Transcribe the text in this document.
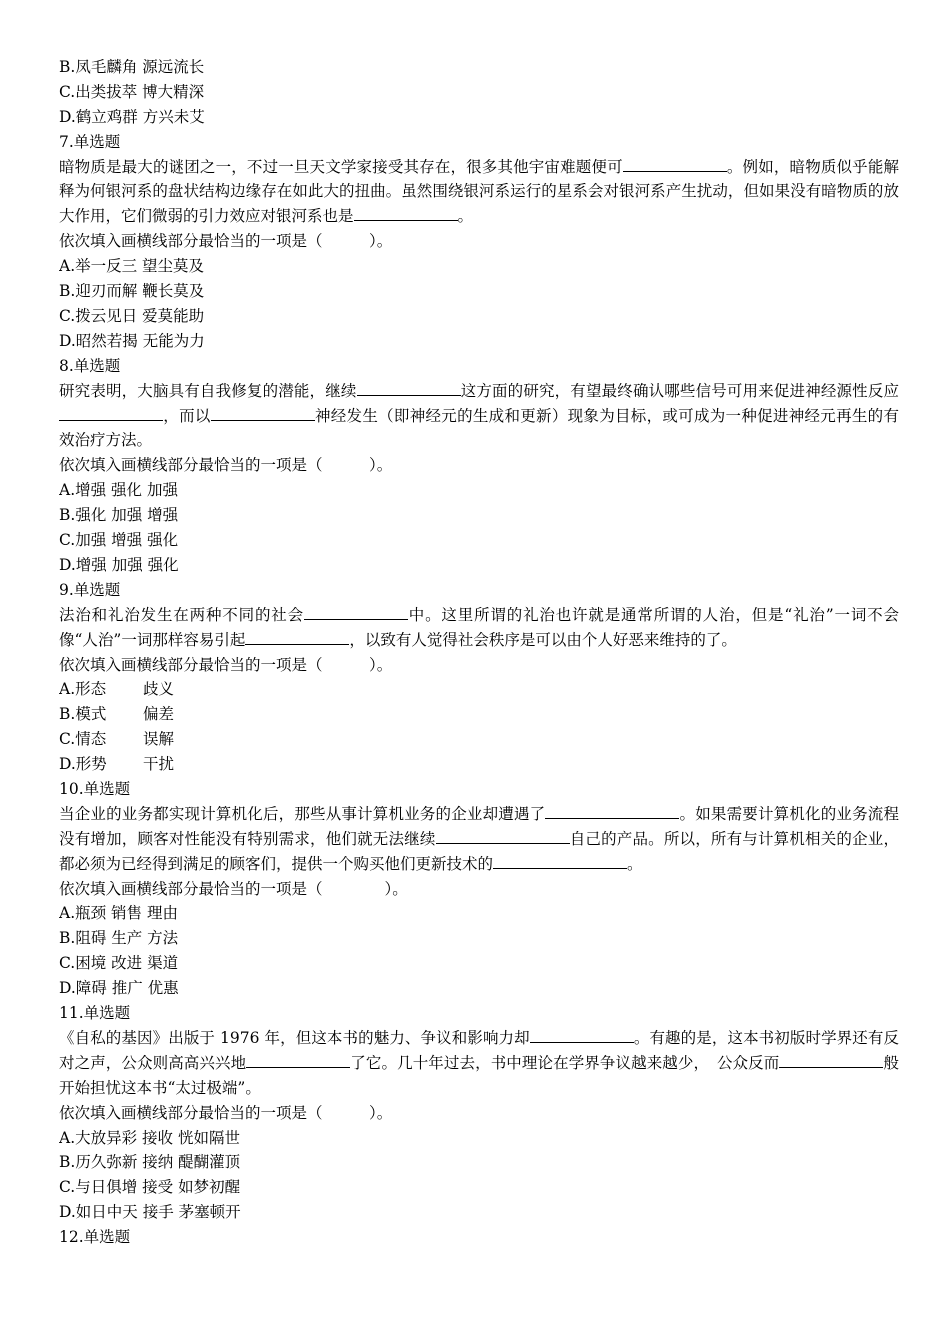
B.凤毛麟角 源远流长
C.出类拔萃 博大精深
D.鹤立鸡群 方兴未艾
7.单选题
暗物质是最大的谜团之一，不过一旦天文学家接受其存在，很多其他宇宙难题便可	。例如，暗物质似乎能解释为何银河系的盘状结构边缘存在如此大的扭曲。虽然围绕银河系运行的星系会对银河系产生扰动，但如果没有暗物质的放大作用，它们微弱的引力效应对银河系也是	。
依次填入画横线部分最恰当的一项是（　　　）。
A.举一反三 望尘莫及
B.迎刃而解 鞭长莫及
C.拨云见日 爱莫能助
D.昭然若揭 无能为力
8.单选题
研究表明，大脑具有自我修复的潜能，继续	这方面的研究，有望最终确认哪些信号可用来促进神经源性反应，而以	神经发生（即神经元的生成和更新）现象为目标，或可成为一种促进神经元再生的有效治疗方法。
依次填入画横线部分最恰当的一项是（　　　）。
A.增强 强化 加强
B.强化 加强 增强
C.加强 增强 强化
D.增强 加强 强化
9.单选题
法治和礼治发生在两种不同的社会	中。这里所谓的礼治也许就是通常所谓的人治，但是“礼治”一词不会像“人治”一词那样容易引起	，以致有人觉得社会秩序是可以由个人好恶来维持的了。
依次填入画横线部分最恰当的一项是（　　　）。
A.形态 歧义
B.模式 偏差
C.情态 误解
D.形势 干扰
10.单选题
当企业的业务都实现计算机化后，那些从事计算机业务的企业却遭遇了	。如果需要计算机化的业务流程没有增加，顾客对性能没有特别需求，他们就无法继续	自己的产品。所以，所有与计算机相关的企业，都必须为已经得到满足的顾客们，提供一个购买他们更新技术的	。
依次填入画横线部分最恰当的一项是（　　　　）。
A.瓶颈 销售 理由
B.阻碍 生产 方法
C.困境 改进 渠道
D.障碍 推广 优惠
11.单选题
《自私的基因》出版于 1976 年，但这本书的魅力、争议和影响力却	。有趣的是，这本书初版时学界还有反对之声，公众则高高兴兴地	了它。几十年过去，书中理论在学界争议越来越少，　公众反而	般开始担忧这本书“太过极端”。
依次填入画横线部分最恰当的一项是（　　　）。
A.大放异彩 接收 恍如隔世
B.历久弥新 接纳 醍醐灌顶
C.与日俱增 接受 如梦初醒
D.如日中天 接手 茅塞顿开
12.单选题
